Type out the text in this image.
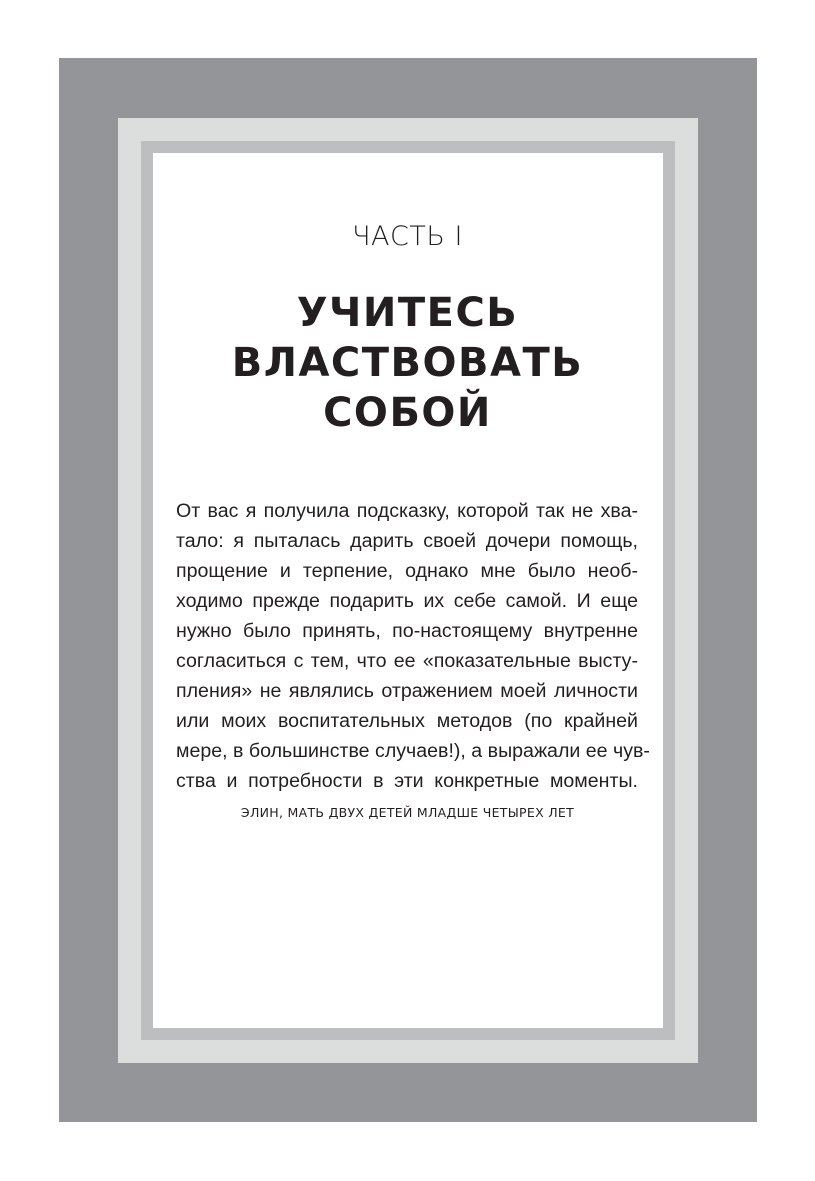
ЧАСТЬ I
УЧИТЕСЬ
ВЛАСТВОВАТЬ
СОБОЙ
От вас я получила подсказку, которой так не хва-
тало: я пыталась дарить своей дочери помощь,
прощение и терпение, однако мне было необ-
ходимо прежде подарить их себе самой. И еще
нужно было принять, по-настоящему внутренне
согласиться с тем, что ее «показательные высту-
пления» не являлись отражением моей личности
или моих воспитательных методов (по крайней
мере, в большинстве случаев!), а выражали ее чув-
ства и потребности в эти конкретные моменты.
ЭЛИН, МАТЬ ДВУХ ДЕТЕЙ МЛАДШЕ ЧЕТЫРЕХ ЛЕТ
